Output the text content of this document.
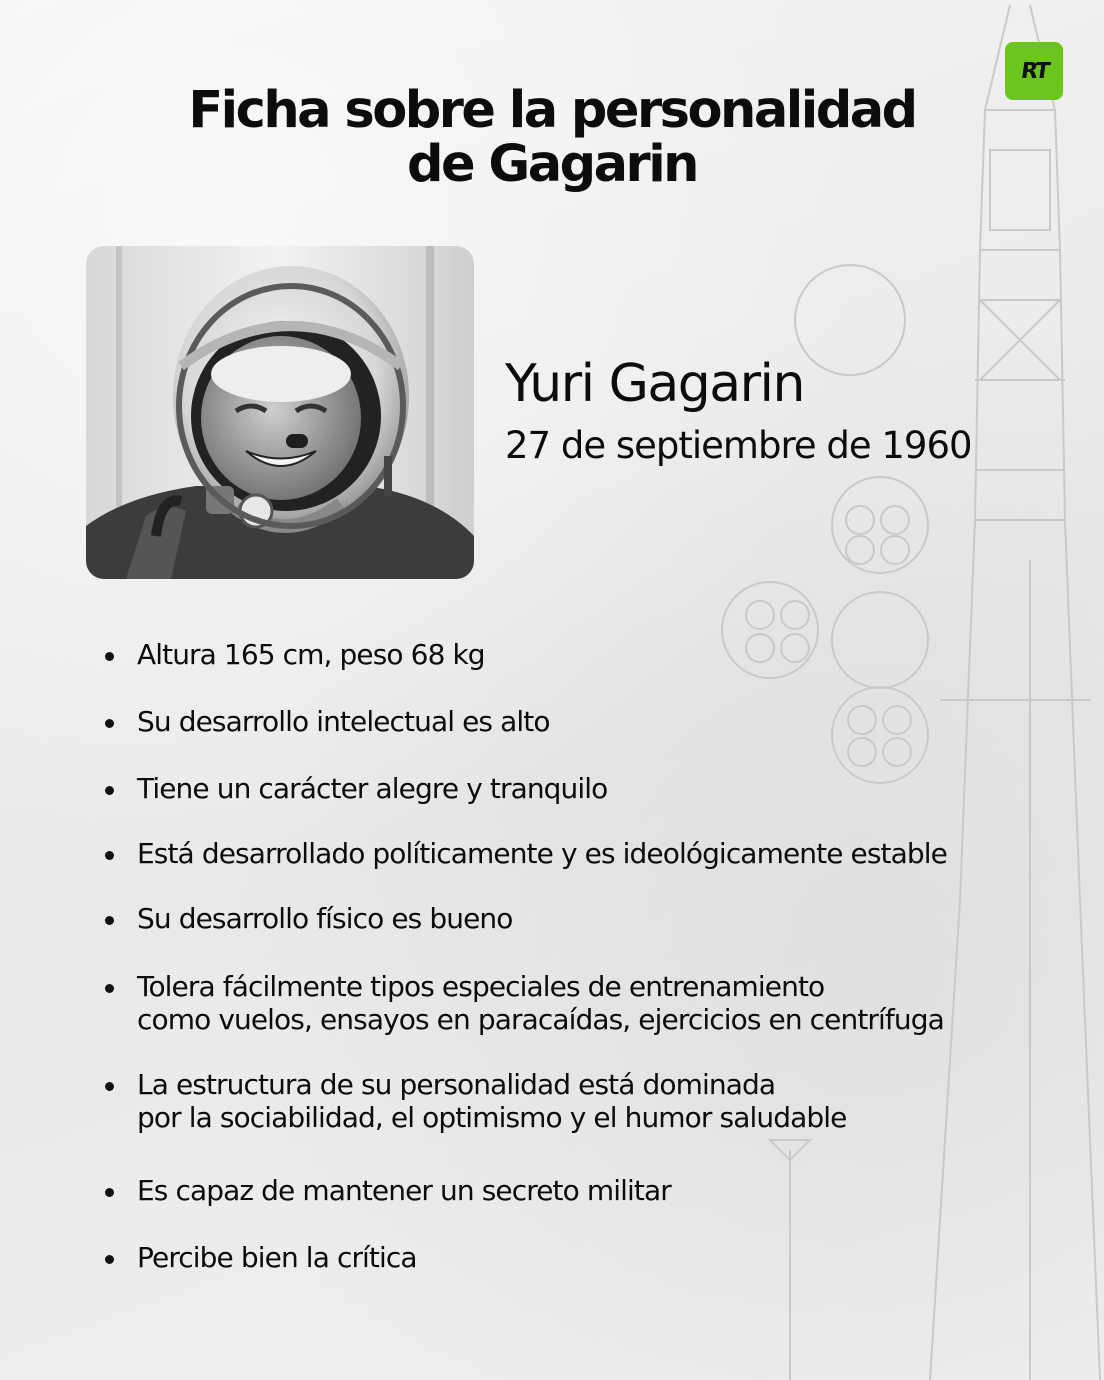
RT
Ficha sobre la personalidad
de Gagarin
Yuri Gagarin

27 de septiembre de 1960

Altura 165 cm, peso 68 kg
Su desarrollo intelectual es alto
Tiene un carácter alegre y tranquilo
Está desarrollado políticamente y es ideológicamente estable
Su desarrollo físico es bueno
Tolera fácilmente tipos especiales de entrenamiento
como vuelos, ensayos en paracaídas, ejercicios en centrífuga
La estructura de su personalidad está dominada
por la sociabilidad, el optimismo y el humor saludable
Es capaz de mantener un secreto militar
Percibe bien la crítica
